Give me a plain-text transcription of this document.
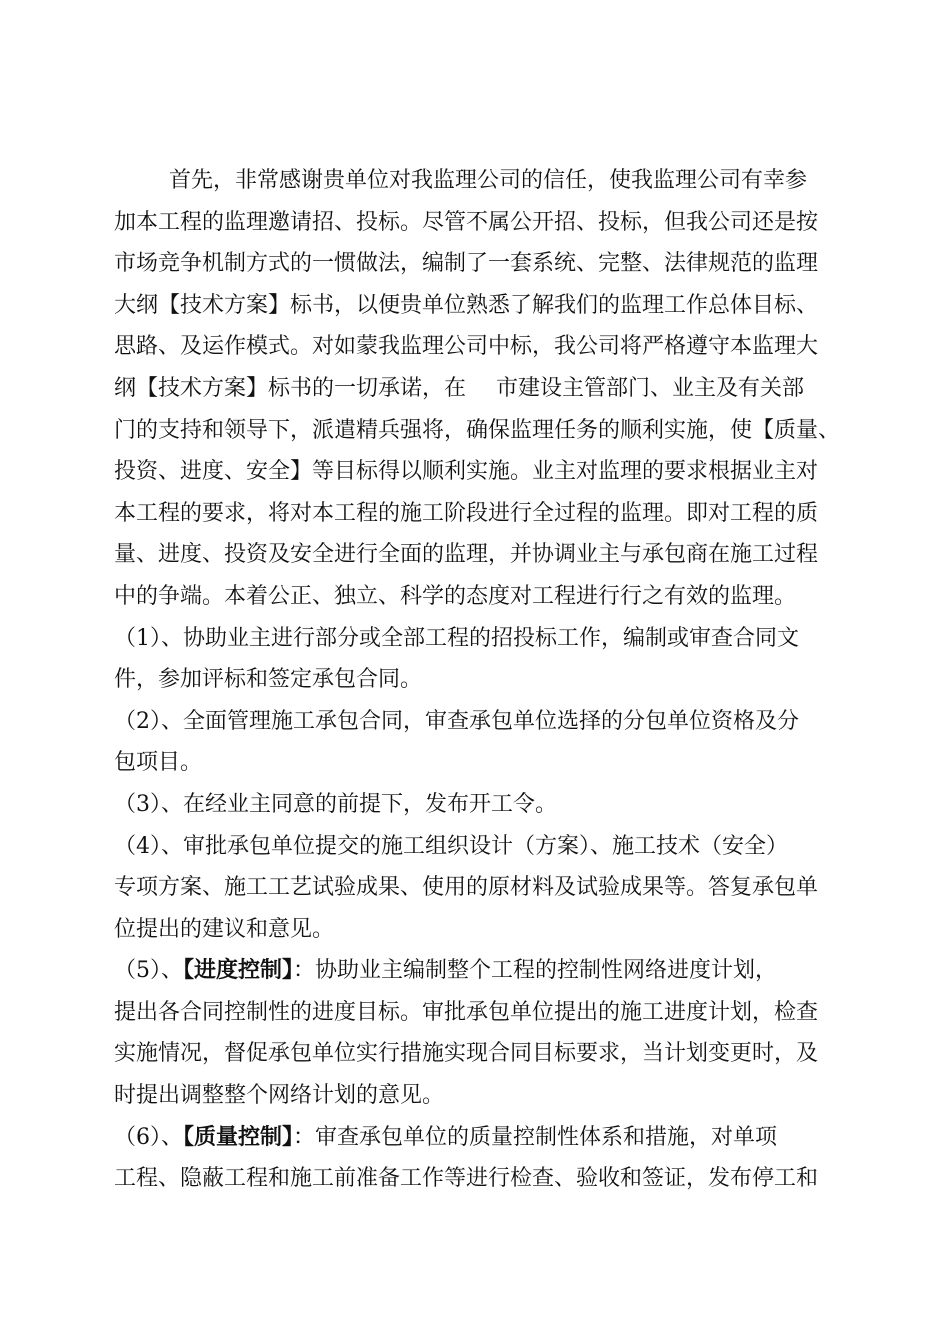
首先，非常感谢贵单位对我监理公司的信任，使我监理公司有幸参
加本工程的监理邀请招、投标。尽管不属公开招、投标，但我公司还是按
市场竞争机制方式的一惯做法，编制了一套系统、完整、法律规范的监理
大纲【技术方案】标书，以便贵单位熟悉了解我们的监理工作总体目标、
思路、及运作模式。对如蒙我监理公司中标，我公司将严格遵守本监理大
纲【技术方案】标书的一切承诺，在 市建设主管部门、业主及有关部
门的支持和领导下，派遣精兵强将，确保监理任务的顺利实施，使【质量、
投资、进度、安全】等目标得以顺利实施。业主对监理的要求根据业主对
本工程的要求，将对本工程的施工阶段进行全过程的监理。即对工程的质
量、进度、投资及安全进行全面的监理，并协调业主与承包商在施工过程
中的争端。本着公正、独立、科学的态度对工程进行行之有效的监理。
（1）、协助业主进行部分或全部工程的招投标工作，编制或审查合同文
件，参加评标和签定承包合同。
（2）、全面管理施工承包合同，审查承包单位选择的分包单位资格及分
包项目。
（3）、在经业主同意的前提下，发布开工令。
（4）、审批承包单位提交的施工组织设计（方案）、施工技术（安全）
专项方案、施工工艺试验成果、使用的原材料及试验成果等。答复承包单
位提出的建议和意见。
（5）、【进度控制】：协助业主编制整个工程的控制性网络进度计划，
提出各合同控制性的进度目标。审批承包单位提出的施工进度计划，检查
实施情况，督促承包单位实行措施实现合同目标要求，当计划变更时，及
时提出调整整个网络计划的意见。
（6）、【质量控制】：审查承包单位的质量控制性体系和措施，对单项
工程、隐蔽工程和施工前准备工作等进行检查、验收和签证，发布停工和
